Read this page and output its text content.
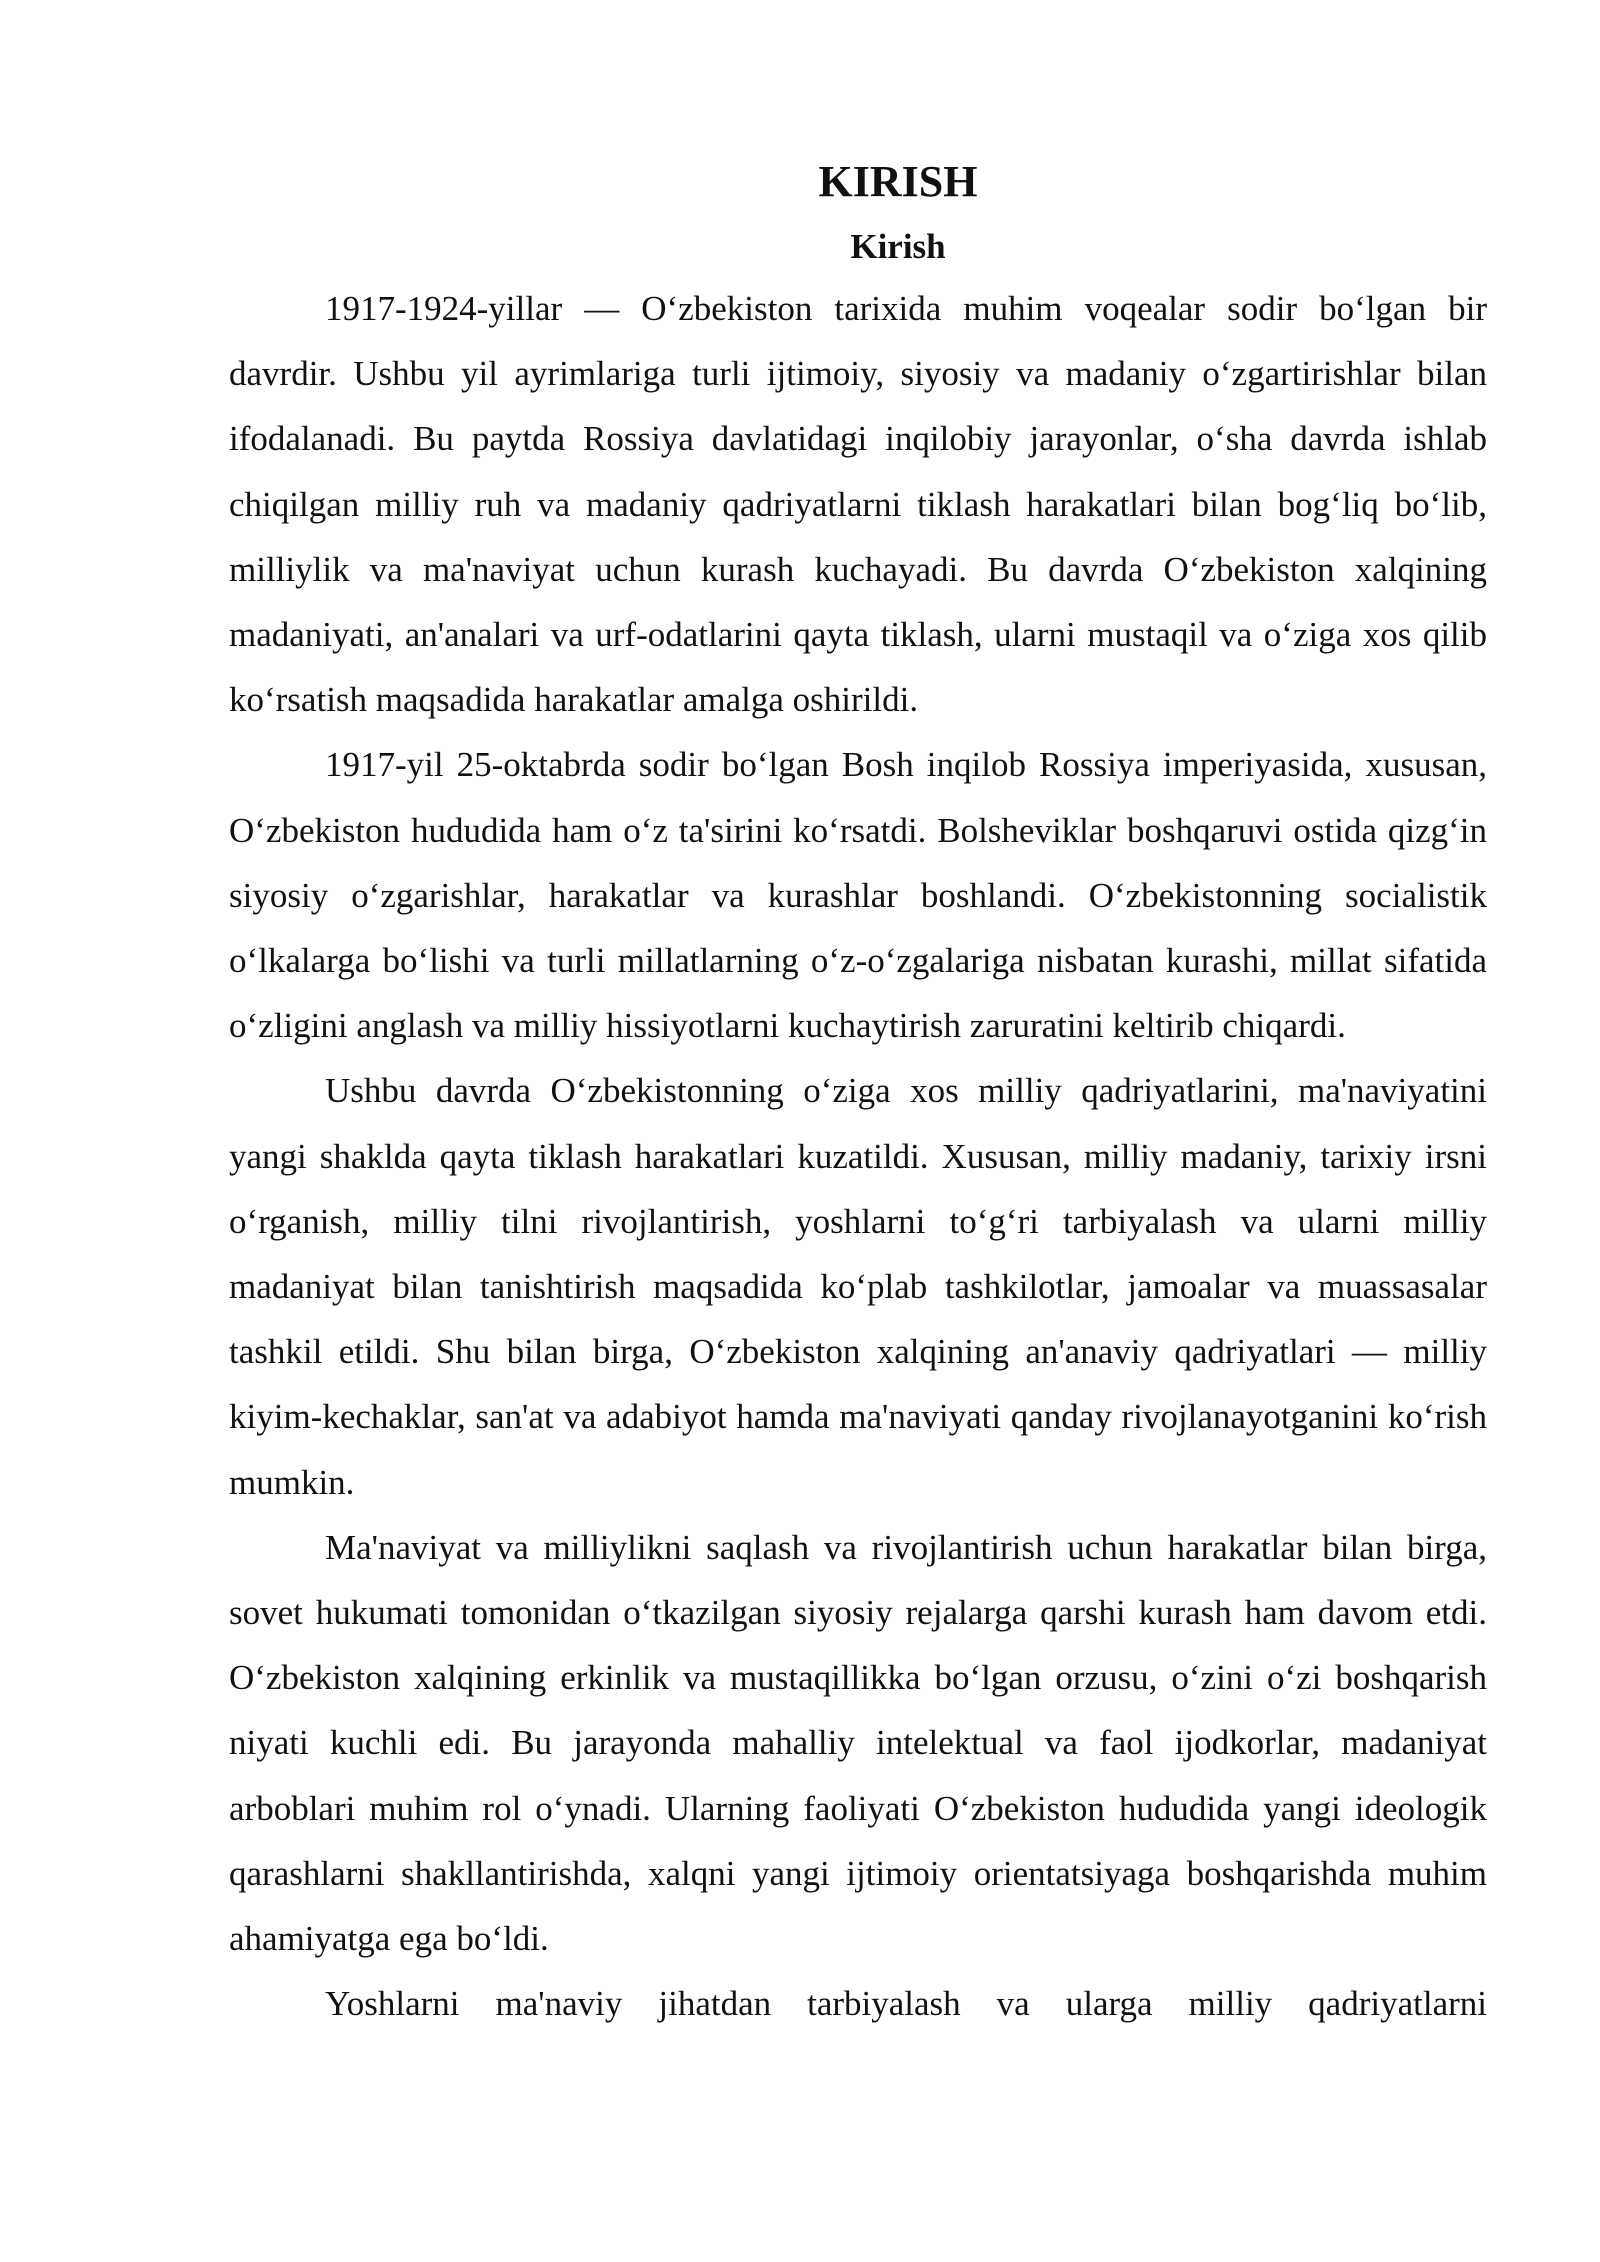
KIRISH
Kirish

1917-1924-yillar — O‘zbekiston tarixida muhim voqealar sodir bo‘lgan bir davrdir. Ushbu yil ayrimlariga turli ijtimoiy, siyosiy va madaniy o‘zgartirishlar bilan ifodalanadi. Bu paytda Rossiya davlatidagi inqilobiy jarayonlar, o‘sha davrda ishlab chiqilgan milliy ruh va madaniy qadriyatlarni tiklash harakatlari bilan bog‘liq bo‘lib, milliylik va ma'naviyat uchun kurash kuchayadi. Bu davrda O‘zbekiston xalqining madaniyati, an'analari va urf-odatlarini qayta tiklash, ularni mustaqil va o‘ziga xos qilib ko‘rsatish maqsadida harakatlar amalga oshirildi.

1917-yil 25-oktabrda sodir bo‘lgan Bosh inqilob Rossiya imperiyasida, xususan, O‘zbekiston hududida ham o‘z ta'sirini ko‘rsatdi. Bolsheviklar boshqaruvi ostida qizg‘in siyosiy o‘zgarishlar, harakatlar va kurashlar boshlandi. O‘zbekistonning socialistik o‘lkalarga bo‘lishi va turli millatlarning o‘z-o‘zgalariga nisbatan kurashi, millat sifatida o‘zligini anglash va milliy hissiyotlarni kuchaytirish zaruratini keltirib chiqardi.

Ushbu davrda O‘zbekistonning o‘ziga xos milliy qadriyatlarini, ma'naviyatini yangi shaklda qayta tiklash harakatlari kuzatildi. Xususan, milliy madaniy, tarixiy irsni o‘rganish, milliy tilni rivojlantirish, yoshlarni to‘g‘ri tarbiyalash va ularni milliy madaniyat bilan tanishtirish maqsadida ko‘plab tashkilotlar, jamoalar va muassasalar tashkil etildi. Shu bilan birga, O‘zbekiston xalqining an'anaviy qadriyatlari — milliy kiyim-kechaklar, san'at va adabiyot hamda ma'naviyati qanday rivojlanayotganini ko‘rish mumkin.

Ma'naviyat va milliylikni saqlash va rivojlantirish uchun harakatlar bilan birga, sovet hukumati tomonidan o‘tkazilgan siyosiy rejalarga qarshi kurash ham davom etdi. O‘zbekiston xalqining erkinlik va mustaqillikka bo‘lgan orzusu, o‘zini o‘zi boshqarish niyati kuchli edi. Bu jarayonda mahalliy intelektual va faol ijodkorlar, madaniyat arboblari muhim rol o‘ynadi. Ularning faoliyati O‘zbekiston hududida yangi ideologik qarashlarni shakllantirishda, xalqni yangi ijtimoiy orientatsiyaga boshqarishda muhim ahamiyatga ega bo‘ldi.

Yoshlarni ma'naviy jihatdan tarbiyalash va ularga milliy qadriyatlarni
